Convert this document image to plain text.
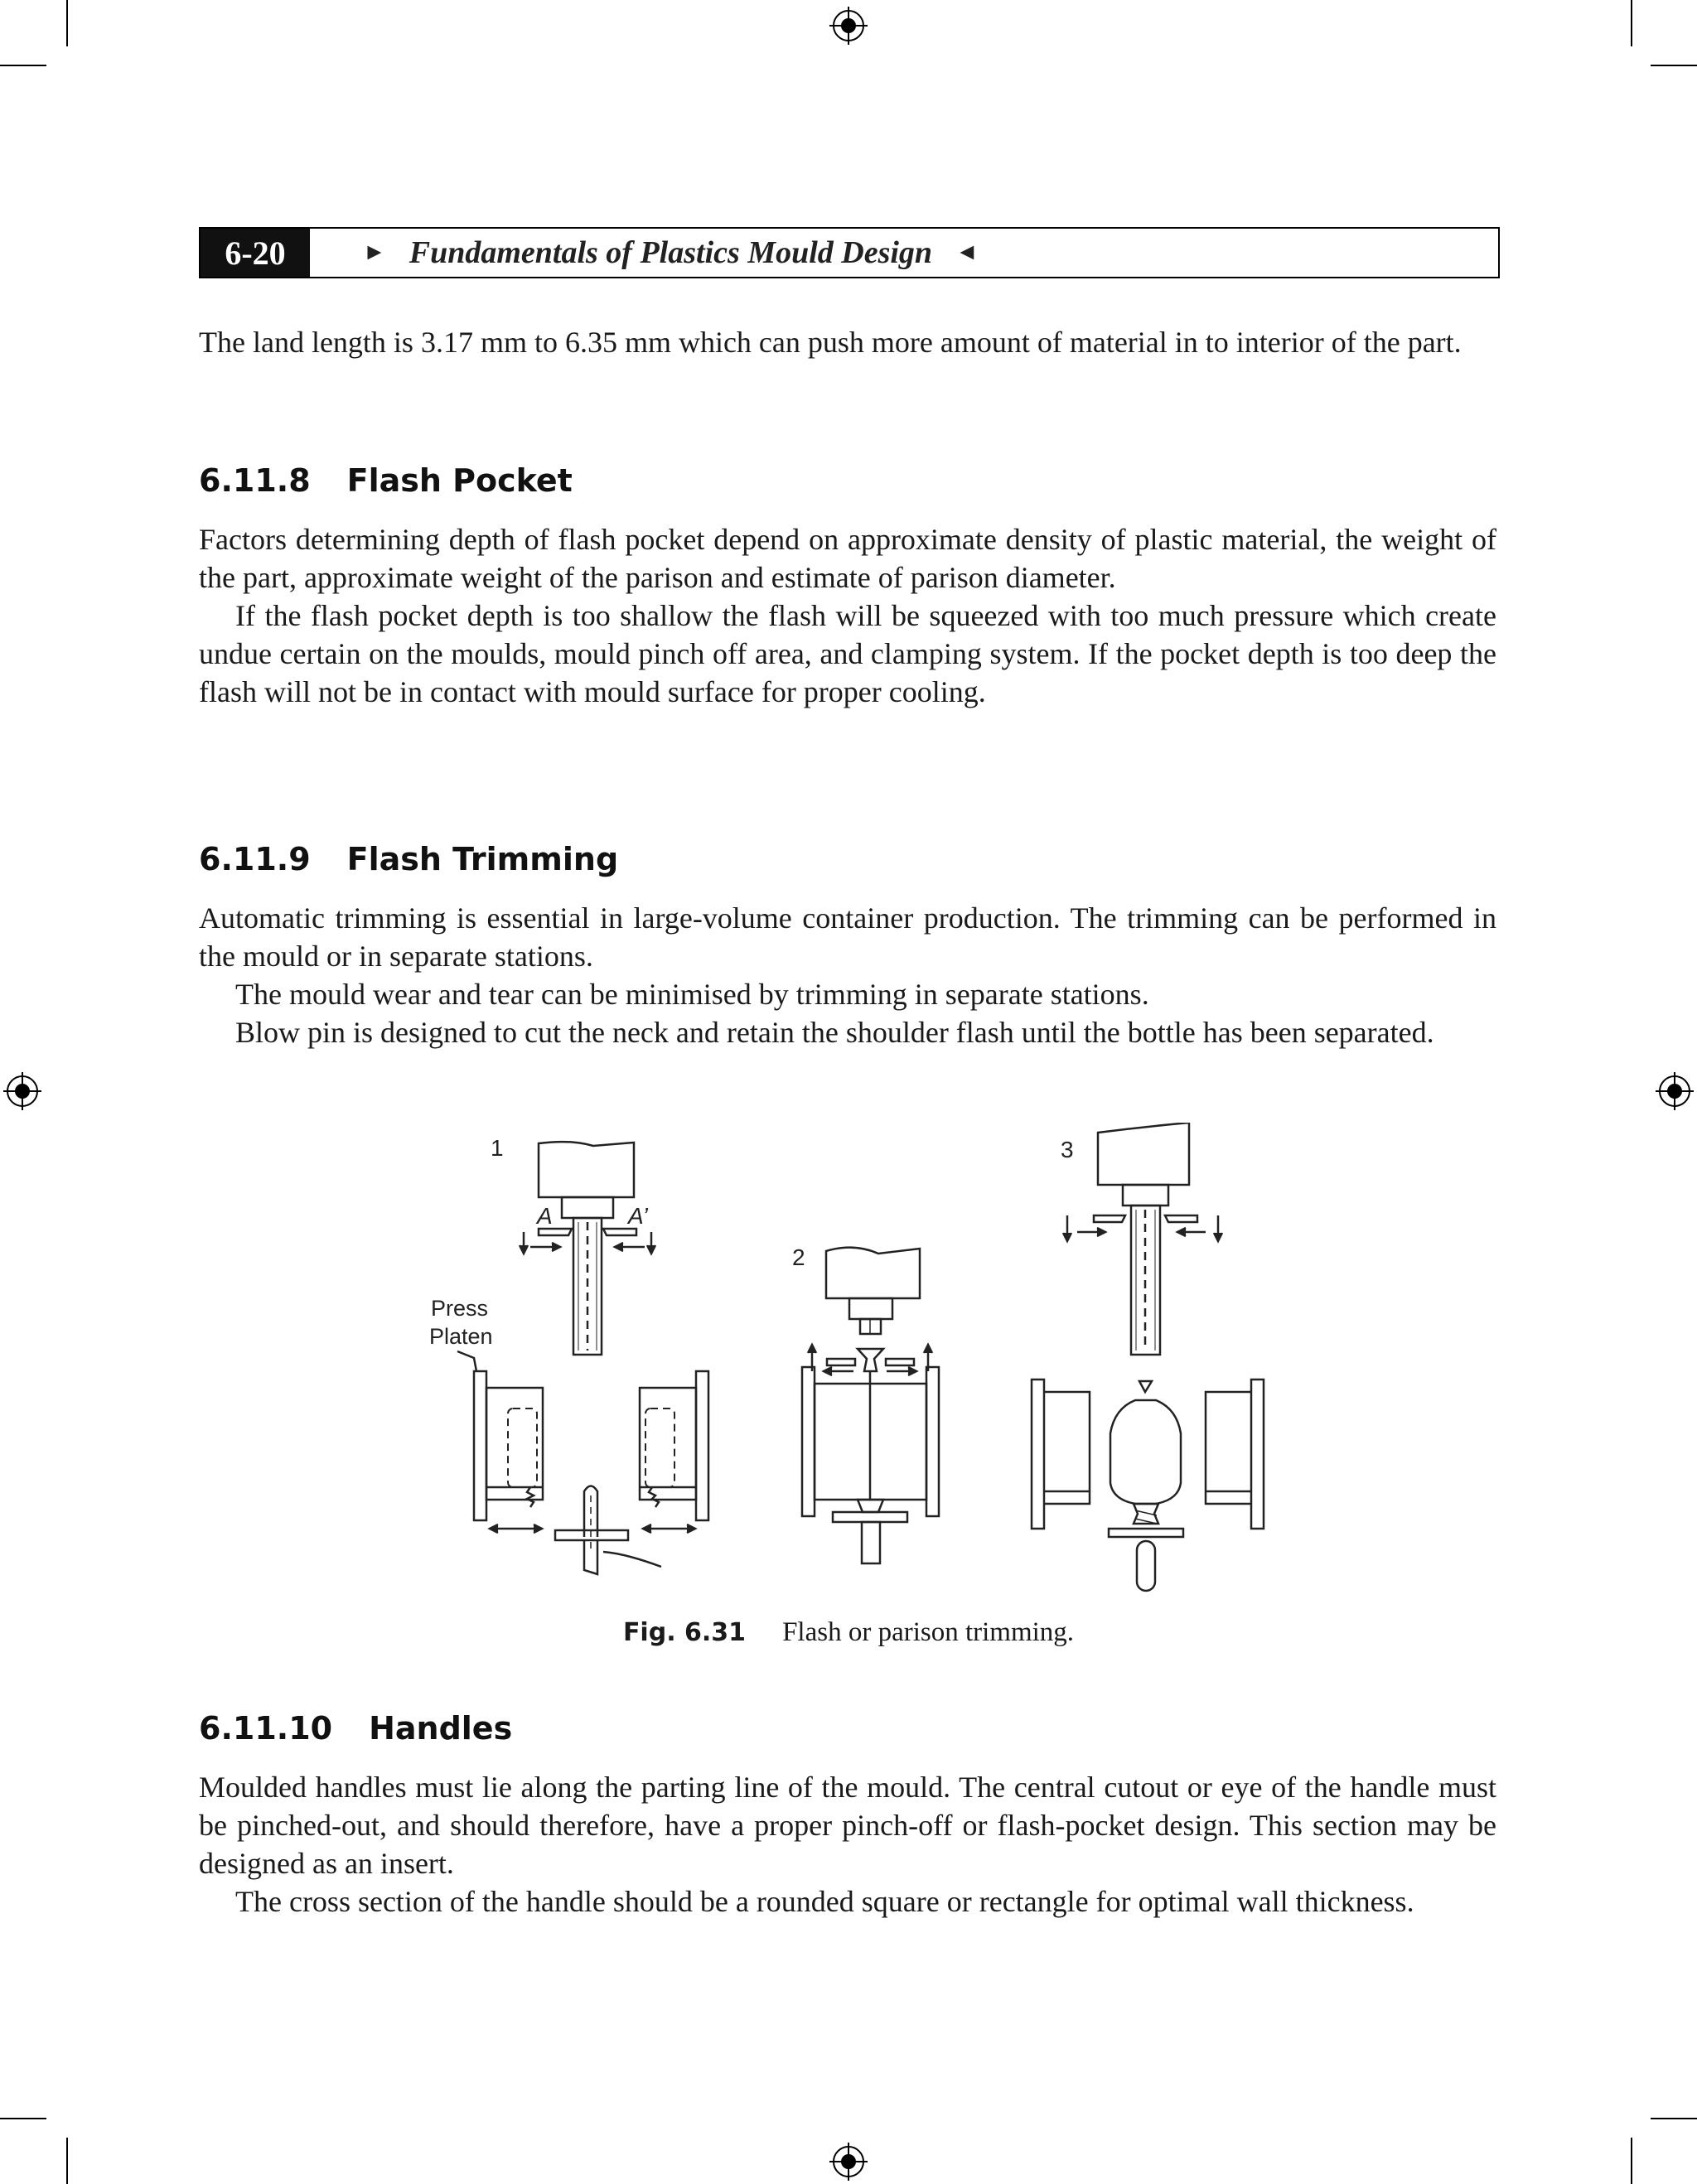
6-20	► Fundamentals of Plastics Mould Design ◄

The land length is 3.17 mm to 6.35 mm which can push more amount of material in to interior of the part.

6.11.8 Flash Pocket

Factors determining depth of flash pocket depend on approximate density of plastic material, the weight of the part, approximate weight of the parison and estimate of parison diameter.

If the flash pocket depth is too shallow the flash will be squeezed with too much pressure which create undue certain on the moulds, mould pinch off area, and clamping system. If the pocket depth is too deep the flash will not be in contact with mould surface for proper cooling.

6.11.9 Flash Trimming

Automatic trimming is essential in large-volume container production. The trimming can be performed in the mould or in separate stations.

The mould wear and tear can be minimised by trimming in separate stations.

Blow pin is designed to cut the neck and retain the shoulder flash until the bottle has been separated.

1
A	A’
Press
Platen
2
3
Fig. 6.31 Flash or parison trimming.
6.11.10 Handles

Moulded handles must lie along the parting line of the mould. The central cutout or eye of the handle must be pinched-out, and should therefore, have a proper pinch-off or flash-pocket design. This section may be designed as an insert.

The cross section of the handle should be a rounded square or rectangle for optimal wall thickness.
